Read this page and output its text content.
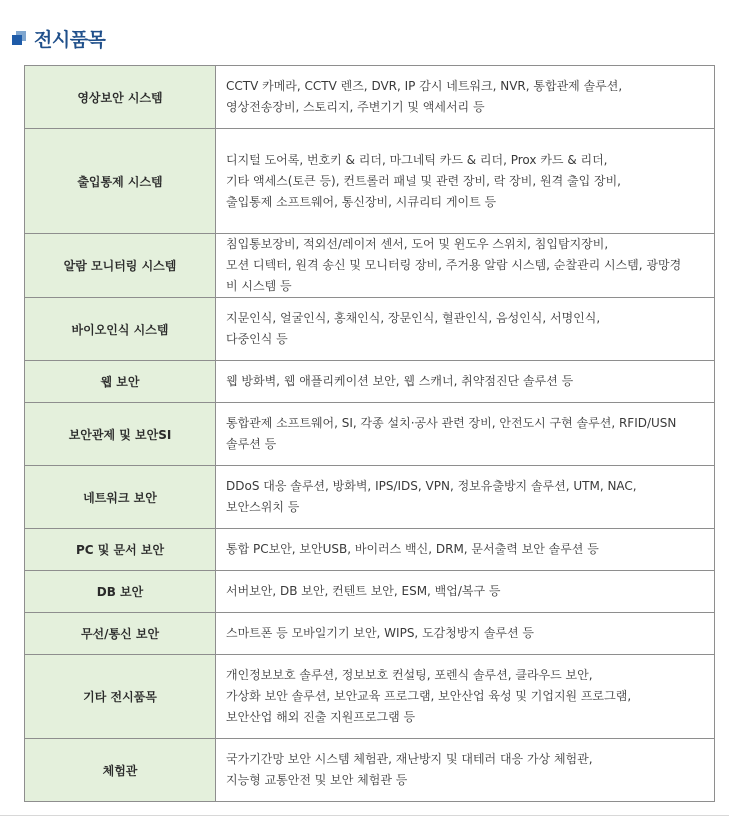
전시품목
영상보안 시스템	CCTV 카메라, CCTV 렌즈, DVR, IP 감시 네트워크, NVR, 통합관제 솔루션,
영상전송장비, 스토리지, 주변기기 및 액세서리 등

출입통제 시스템	디지털 도어록, 번호키 & 리더, 마그네틱 카드 & 리더, Prox 카드 & 리더,
기타 액세스(토큰 등), 컨트롤러 패널 및 관련 장비, 락 장비, 원격 출입 장비,
출입통제 소프트웨어, 통신장비, 시큐리티 게이트 등

알람 모니터링 시스템	침입통보장비, 적외선/레이저 센서, 도어 및 윈도우 스위치, 침입탐지장비,
모션 디텍터, 원격 송신 및 모니터링 장비, 주거용 알람 시스템, 순찰관리 시스템, 광망경
비 시스템 등

바이오인식 시스템	지문인식, 얼굴인식, 홍채인식, 장문인식, 혈관인식, 음성인식, 서명인식,
다중인식 등

웹 보안	웹 방화벽, 웹 애플리케이션 보안, 웹 스캐너, 취약점진단 솔루션 등

보안관제 및 보안SI	통합관제 소프트웨어, SI, 각종 설치·공사 관련 장비, 안전도시 구현 솔루션, RFID/USN
솔루션 등

네트워크 보안	DDoS 대응 솔루션, 방화벽, IPS/IDS, VPN, 정보유출방지 솔루션, UTM, NAC,
보안스위치 등

PC 및 문서 보안	통합 PC보안, 보안USB, 바이러스 백신, DRM, 문서출력 보안 솔루션 등

DB 보안	서버보안, DB 보안, 컨텐트 보안, ESM, 백업/복구 등

무선/통신 보안	스마트폰 등 모바일기기 보안, WIPS, 도감청방지 솔루션 등

기타 전시품목	개인정보보호 솔루션, 정보보호 컨설팅, 포렌식 솔루션, 클라우드 보안,
가상화 보안 솔루션, 보안교육 프로그램, 보안산업 육성 및 기업지원 프로그램,
보안산업 해외 진출 지원프로그램 등

체험관	국가기간망 보안 시스템 체험관, 재난방지 및 대테러 대응 가상 체험관,
지능형 교통안전 및 보안 체험관 등
